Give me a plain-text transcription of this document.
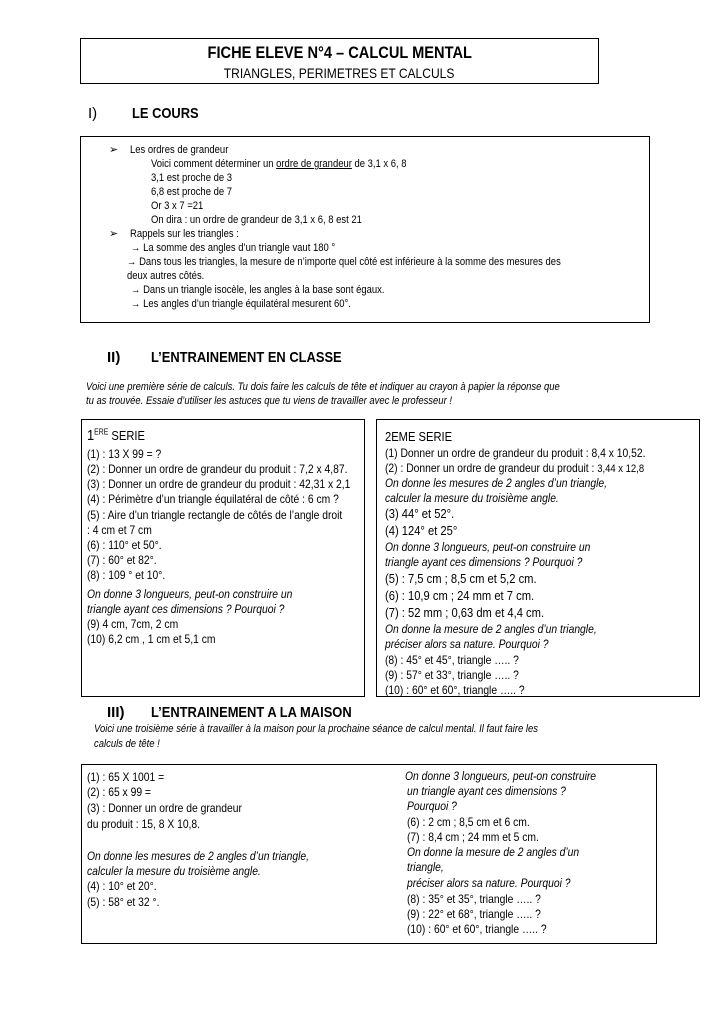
FICHE ELEVE N°4 – CALCUL MENTAL
TRIANGLES, PERIMETRES ET CALCULS
I) LE COURS
➢ Les ordres de grandeur
Voici comment déterminer un ordre de grandeur de 3,1 x 6, 8
3,1 est proche de 3
6,8 est proche de 7
Or 3 x 7 =21
On dira : un ordre de grandeur de 3,1 x 6, 8 est 21
➢ Rappels sur les triangles :
→ La somme des angles d’un triangle vaut 180 °
→ Dans tous les triangles, la mesure de n’importe quel côté est inférieure à la somme des mesures des
deux autres côtés.
→ Dans un triangle isocèle, les angles à la base sont égaux.
→ Les angles d’un triangle équilatéral mesurent 60°.
II) L’ENTRAINEMENT EN CLASSE
Voici une première série de calculs. Tu dois faire les calculs de tête et indiquer au crayon à papier la réponse que
tu as trouvée. Essaie d’utiliser les astuces que tu viens de travailler avec le professeur !
1ERE SERIE
(1) : 13 X 99 = ?
(2) : Donner un ordre de grandeur du produit : 7,2 x 4,87.
(3) : Donner un ordre de grandeur du produit : 42,31 x 2,1
(4) : Périmètre d’un triangle équilatéral de côté : 6 cm ?
(5) : Aire d’un triangle rectangle de côtés de l’angle droit
: 4 cm et 7 cm
(6) : 110° et 50°.
(7) : 60° et 82°.
(8) : 109 ° et 10°.
On donne 3 longueurs, peut-on construire un
triangle ayant ces dimensions ? Pourquoi ?
(9) 4 cm, 7cm, 2 cm
(10) 6,2 cm , 1 cm et 5,1 cm
2EME SERIE
(1) Donner un ordre de grandeur du produit : 8,4 x 10,52.
(2) : Donner un ordre de grandeur du produit : 3,44 x 12,8
On donne les mesures de 2 angles d’un triangle,
calculer la mesure du troisième angle.
(3) 44° et 52°.
(4) 124° et 25°
On donne 3 longueurs, peut-on construire un
triangle ayant ces dimensions ? Pourquoi ?
(5) : 7,5 cm ; 8,5 cm et 5,2 cm.
(6) : 10,9 cm ; 24 mm et 7 cm.
(7) : 52 mm ; 0,63 dm et 4,4 cm.
On donne la mesure de 2 angles d’un triangle,
préciser alors sa nature. Pourquoi ?
(8) : 45° et 45°, triangle ….. ?
(9) : 57° et 33°, triangle ….. ?
(10) : 60° et 60°, triangle ….. ?
III) L’ENTRAINEMENT A LA MAISON
Voici une troisième série à travailler à la maison pour la prochaine séance de calcul mental. Il faut faire les
calculs de tête !
(1) : 65 X 1001 =
(2) : 65 x 99 =
(3) : Donner un ordre de grandeur
du produit : 15, 8 X 10,8.
On donne les mesures de 2 angles d’un triangle,
calculer la mesure du troisième angle.
(4) : 10° et 20°.
(5) : 58° et 32 °.
On donne 3 longueurs, peut-on construire
un triangle ayant ces dimensions ?
Pourquoi ?
(6) : 2 cm ; 8,5 cm et 6 cm.
(7) : 8,4 cm ; 24 mm et 5 cm.
On donne la mesure de 2 angles d’un
triangle,
préciser alors sa nature. Pourquoi ?
(8) : 35° et 35°, triangle ….. ?
(9) : 22° et 68°, triangle ….. ?
(10) : 60° et 60°, triangle ….. ?
